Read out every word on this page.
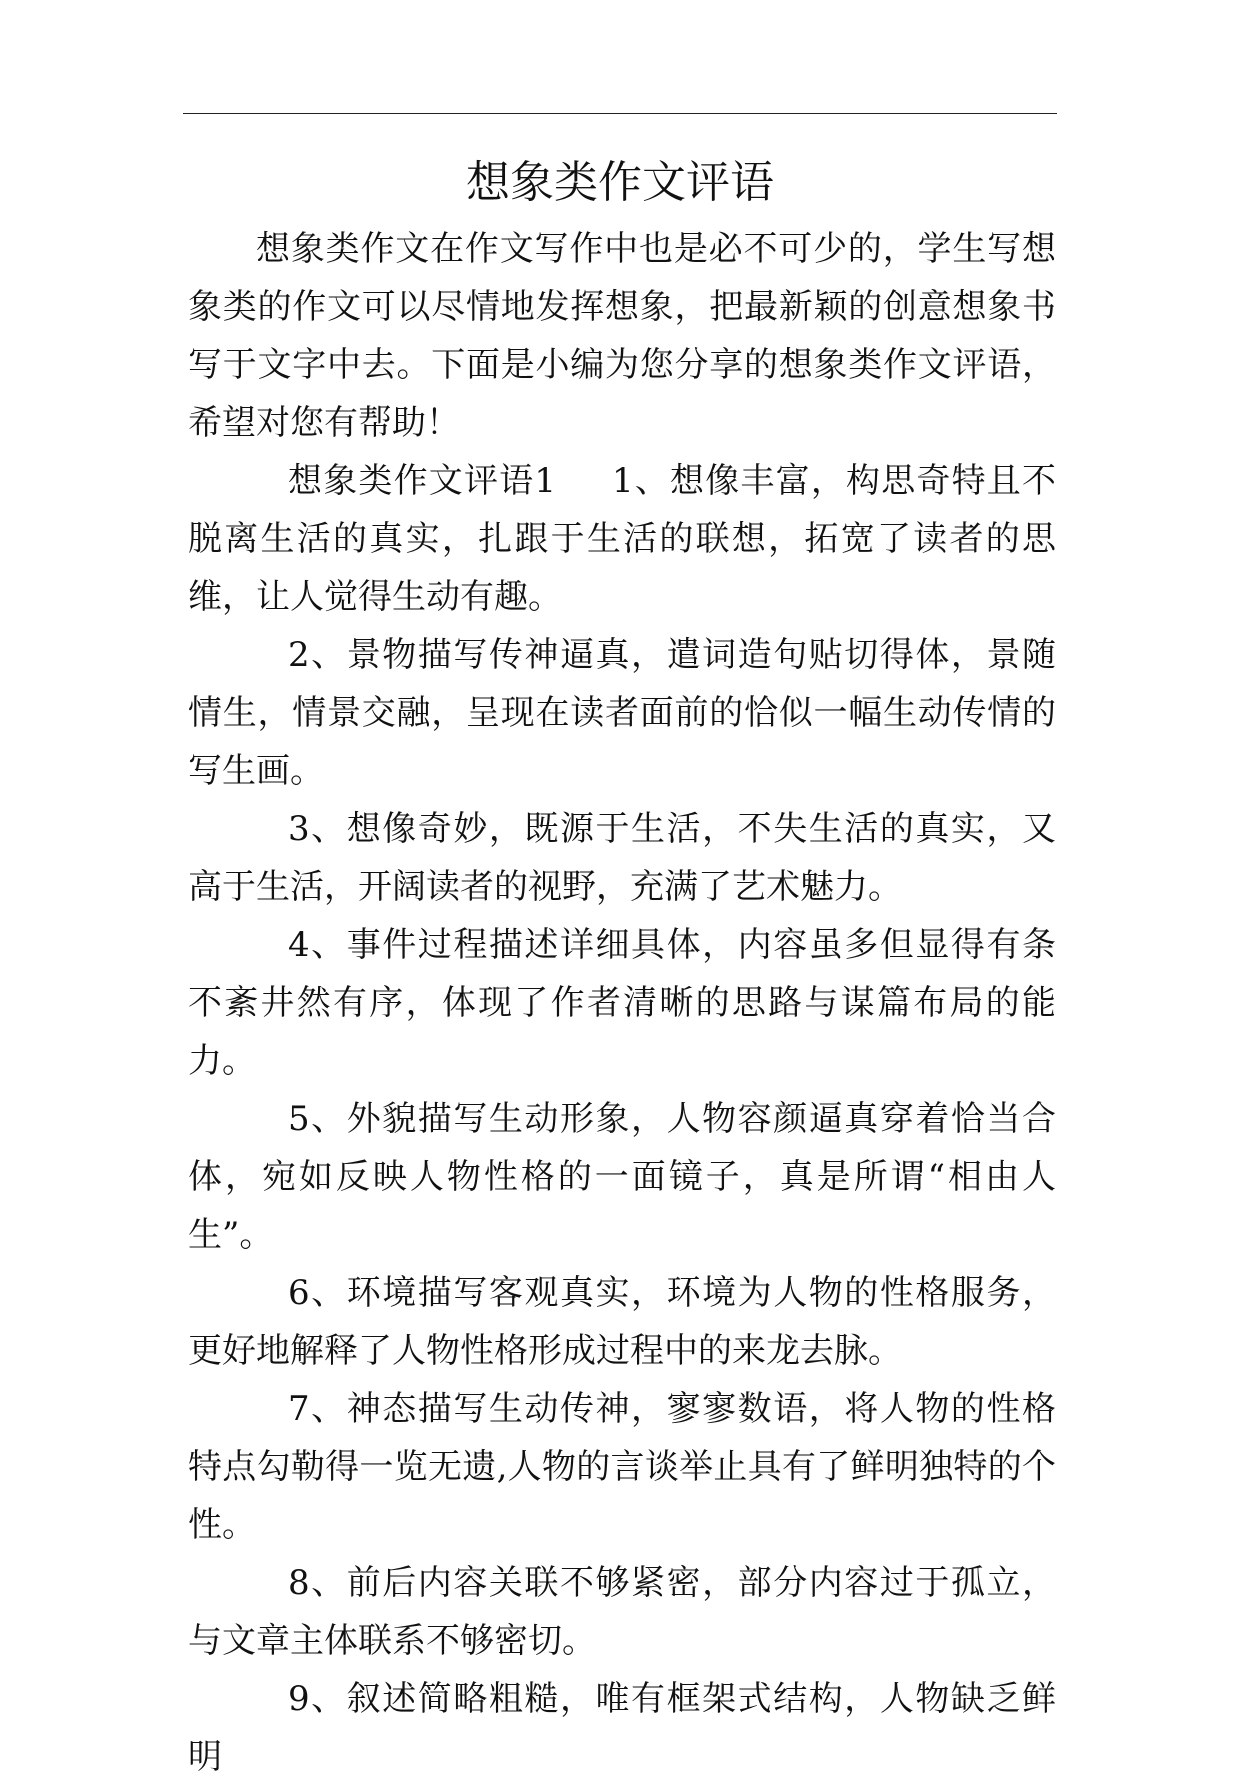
想象类作文评语

想象类作文在作文写作中也是必不可少的，学生写想象类的作文可以尽情地发挥想象，把最新颖的创意想象书写于文字中去。下面是小编为您分享的想象类作文评语，希望对您有帮助！

想象类作文评语1 1、想像丰富，构思奇特且不脱离生活的真实，扎跟于生活的联想，拓宽了读者的思维，让人觉得生动有趣。

2、景物描写传神逼真，遣词造句贴切得体，景随情生，情景交融，呈现在读者面前的恰似一幅生动传情的写生画。

3、想像奇妙，既源于生活，不失生活的真实，又高于生活，开阔读者的视野，充满了艺术魅力。

4、事件过程描述详细具体，内容虽多但显得有条不紊井然有序，体现了作者清晰的思路与谋篇布局的能力。

5、外貌描写生动形象，人物容颜逼真穿着恰当合体，宛如反映人物性格的一面镜子，真是所谓“相由人生”。

6、环境描写客观真实，环境为人物的性格服务，更好地解释了人物性格形成过程中的来龙去脉。

7、神态描写生动传神，寥寥数语，将人物的性格特点勾勒得一览无遗,人物的言谈举止具有了鲜明独特的个性。

8、前后内容关联不够紧密，部分内容过于孤立，与文章主体联系不够密切。

9、叙述简略粗糙，唯有框架式结构，人物缺乏鲜明
